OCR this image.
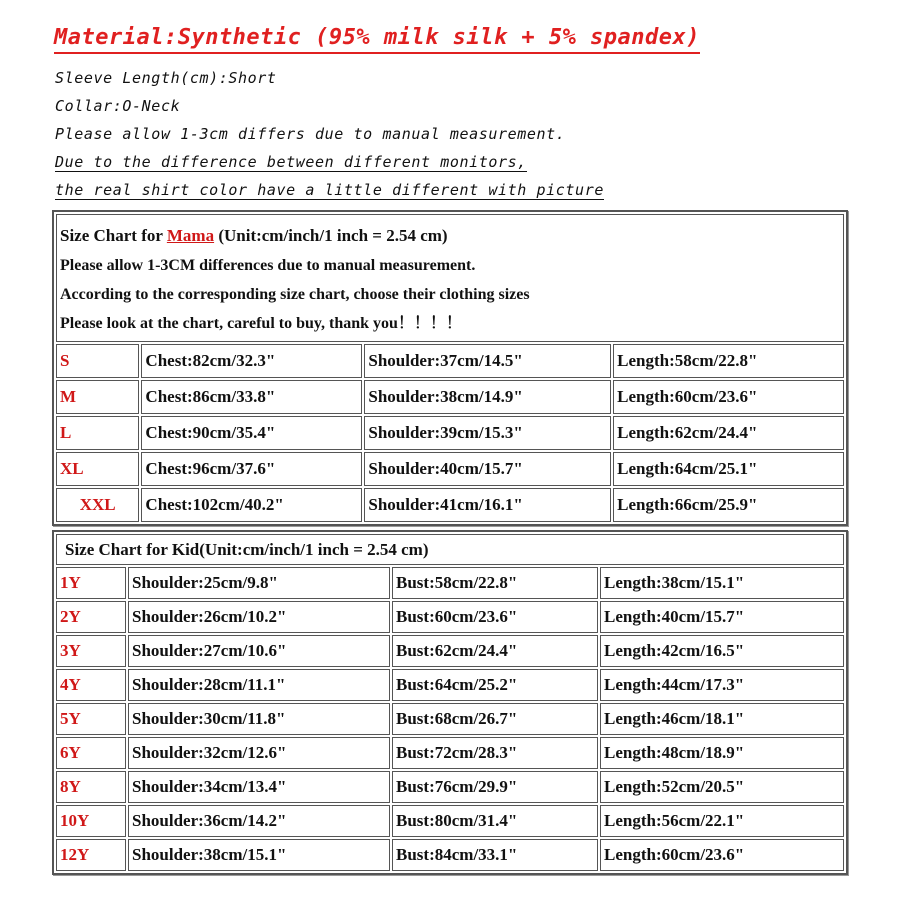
Material:Synthetic (95% milk silk + 5% spandex)
Sleeve Length(cm):Short
Collar:O-Neck
Please allow 1-3cm differs due to manual measurement.
Due to the difference between different monitors,
the real shirt color have a little different with picture
Size Chart for Mama (Unit:cm/inch/1 inch = 2.54 cm)
Please allow 1-3CM differences due to manual measurement.
According to the corresponding size chart, choose their clothing sizes
Please look at the chart, careful to buy, thank you！！！！			

S	Chest:82cm/32.3"	Shoulder:37cm/14.5"	Length:58cm/22.8"
M	Chest:86cm/33.8"	Shoulder:38cm/14.9"	Length:60cm/23.6"
L	Chest:90cm/35.4"	Shoulder:39cm/15.3"	Length:62cm/24.4"
XL	Chest:96cm/37.6"	Shoulder:40cm/15.7"	Length:64cm/25.1"
XXL	Chest:102cm/40.2"	Shoulder:41cm/16.1"	Length:66cm/25.9"
Size Chart for Kid(Unit:cm/inch/1 inch = 2.54 cm)			
1Y	Shoulder:25cm/9.8"	Bust:58cm/22.8"	Length:38cm/15.1"
2Y	Shoulder:26cm/10.2"	Bust:60cm/23.6"	Length:40cm/15.7"
3Y	Shoulder:27cm/10.6"	Bust:62cm/24.4"	Length:42cm/16.5"
4Y	Shoulder:28cm/11.1"	Bust:64cm/25.2"	Length:44cm/17.3"
5Y	Shoulder:30cm/11.8"	Bust:68cm/26.7"	Length:46cm/18.1"
6Y	Shoulder:32cm/12.6"	Bust:72cm/28.3"	Length:48cm/18.9"
8Y	Shoulder:34cm/13.4"	Bust:76cm/29.9"	Length:52cm/20.5"
10Y	Shoulder:36cm/14.2"	Bust:80cm/31.4"	Length:56cm/22.1"
12Y	Shoulder:38cm/15.1"	Bust:84cm/33.1"	Length:60cm/23.6"
